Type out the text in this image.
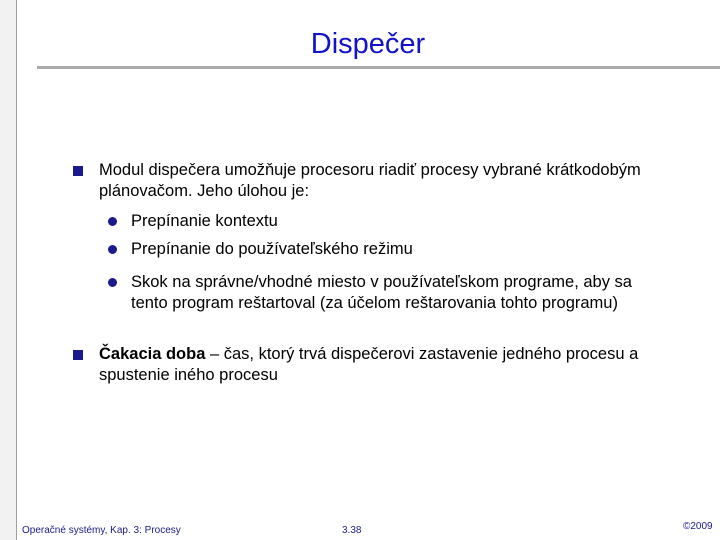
Dispečer
Modul dispečera umožňuje procesoru riadiť procesy vybrané krátkodobým plánovačom. Jeho úlohou je:
Prepínanie kontextu
Prepínanie do používateľského režimu
Skok na správne/vhodné miesto v používateľskom programe, aby sa tento program reštartoval (za účelom reštarovania tohto programu)
Čakacia doba – čas, ktorý trvá dispečerovi zastavenie jedného procesu a spustenie iného procesu
Operačné systémy, Kap. 3: Procesy	3.38	©2009
